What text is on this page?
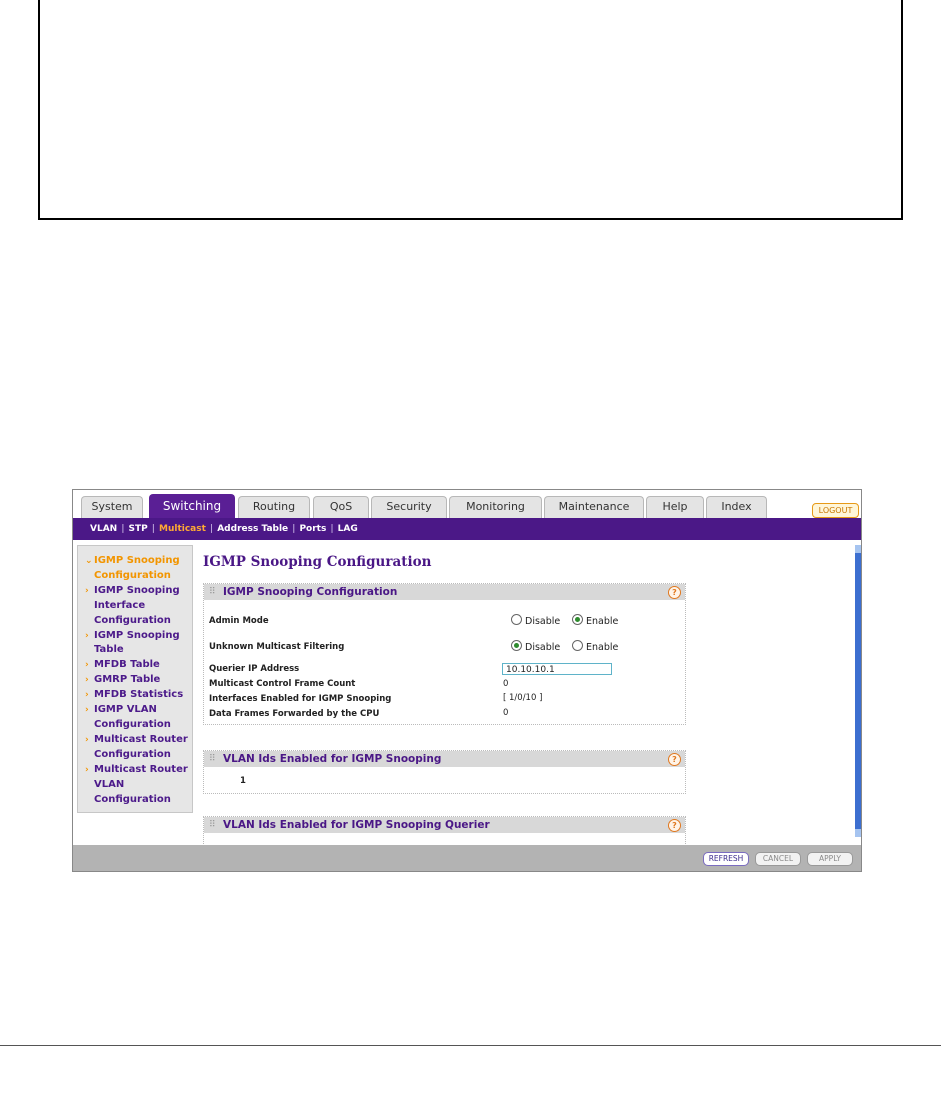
System	Switching	Routing	QoS	Security	Monitoring	Maintenance	Help	Index	LOGOUT
VLAN | STP | Multicast | Address Table | Ports | LAG
⌄ IGMP Snooping
Configuration
› IGMP Snooping
Interface
Configuration
› IGMP Snooping
Table
› MFDB Table
› GMRP Table
› MFDB Statistics
› IGMP VLAN
Configuration
› Multicast Router
Configuration
› Multicast Router
VLAN
Configuration
IGMP Snooping Configuration
⠿ IGMP Snooping Configuration	?
Admin Mode	Disable	Enable
Unknown Multicast Filtering	Disable	Enable
Querier IP Address	10.10.10.1
Multicast Control Frame Count	0
Interfaces Enabled for IGMP Snooping	[ 1/0/10 ]
Data Frames Forwarded by the CPU	0
⠿ VLAN Ids Enabled for IGMP Snooping	?
1
⠿ VLAN Ids Enabled for IGMP Snooping Querier	?
REFRESH	CANCEL	APPLY
